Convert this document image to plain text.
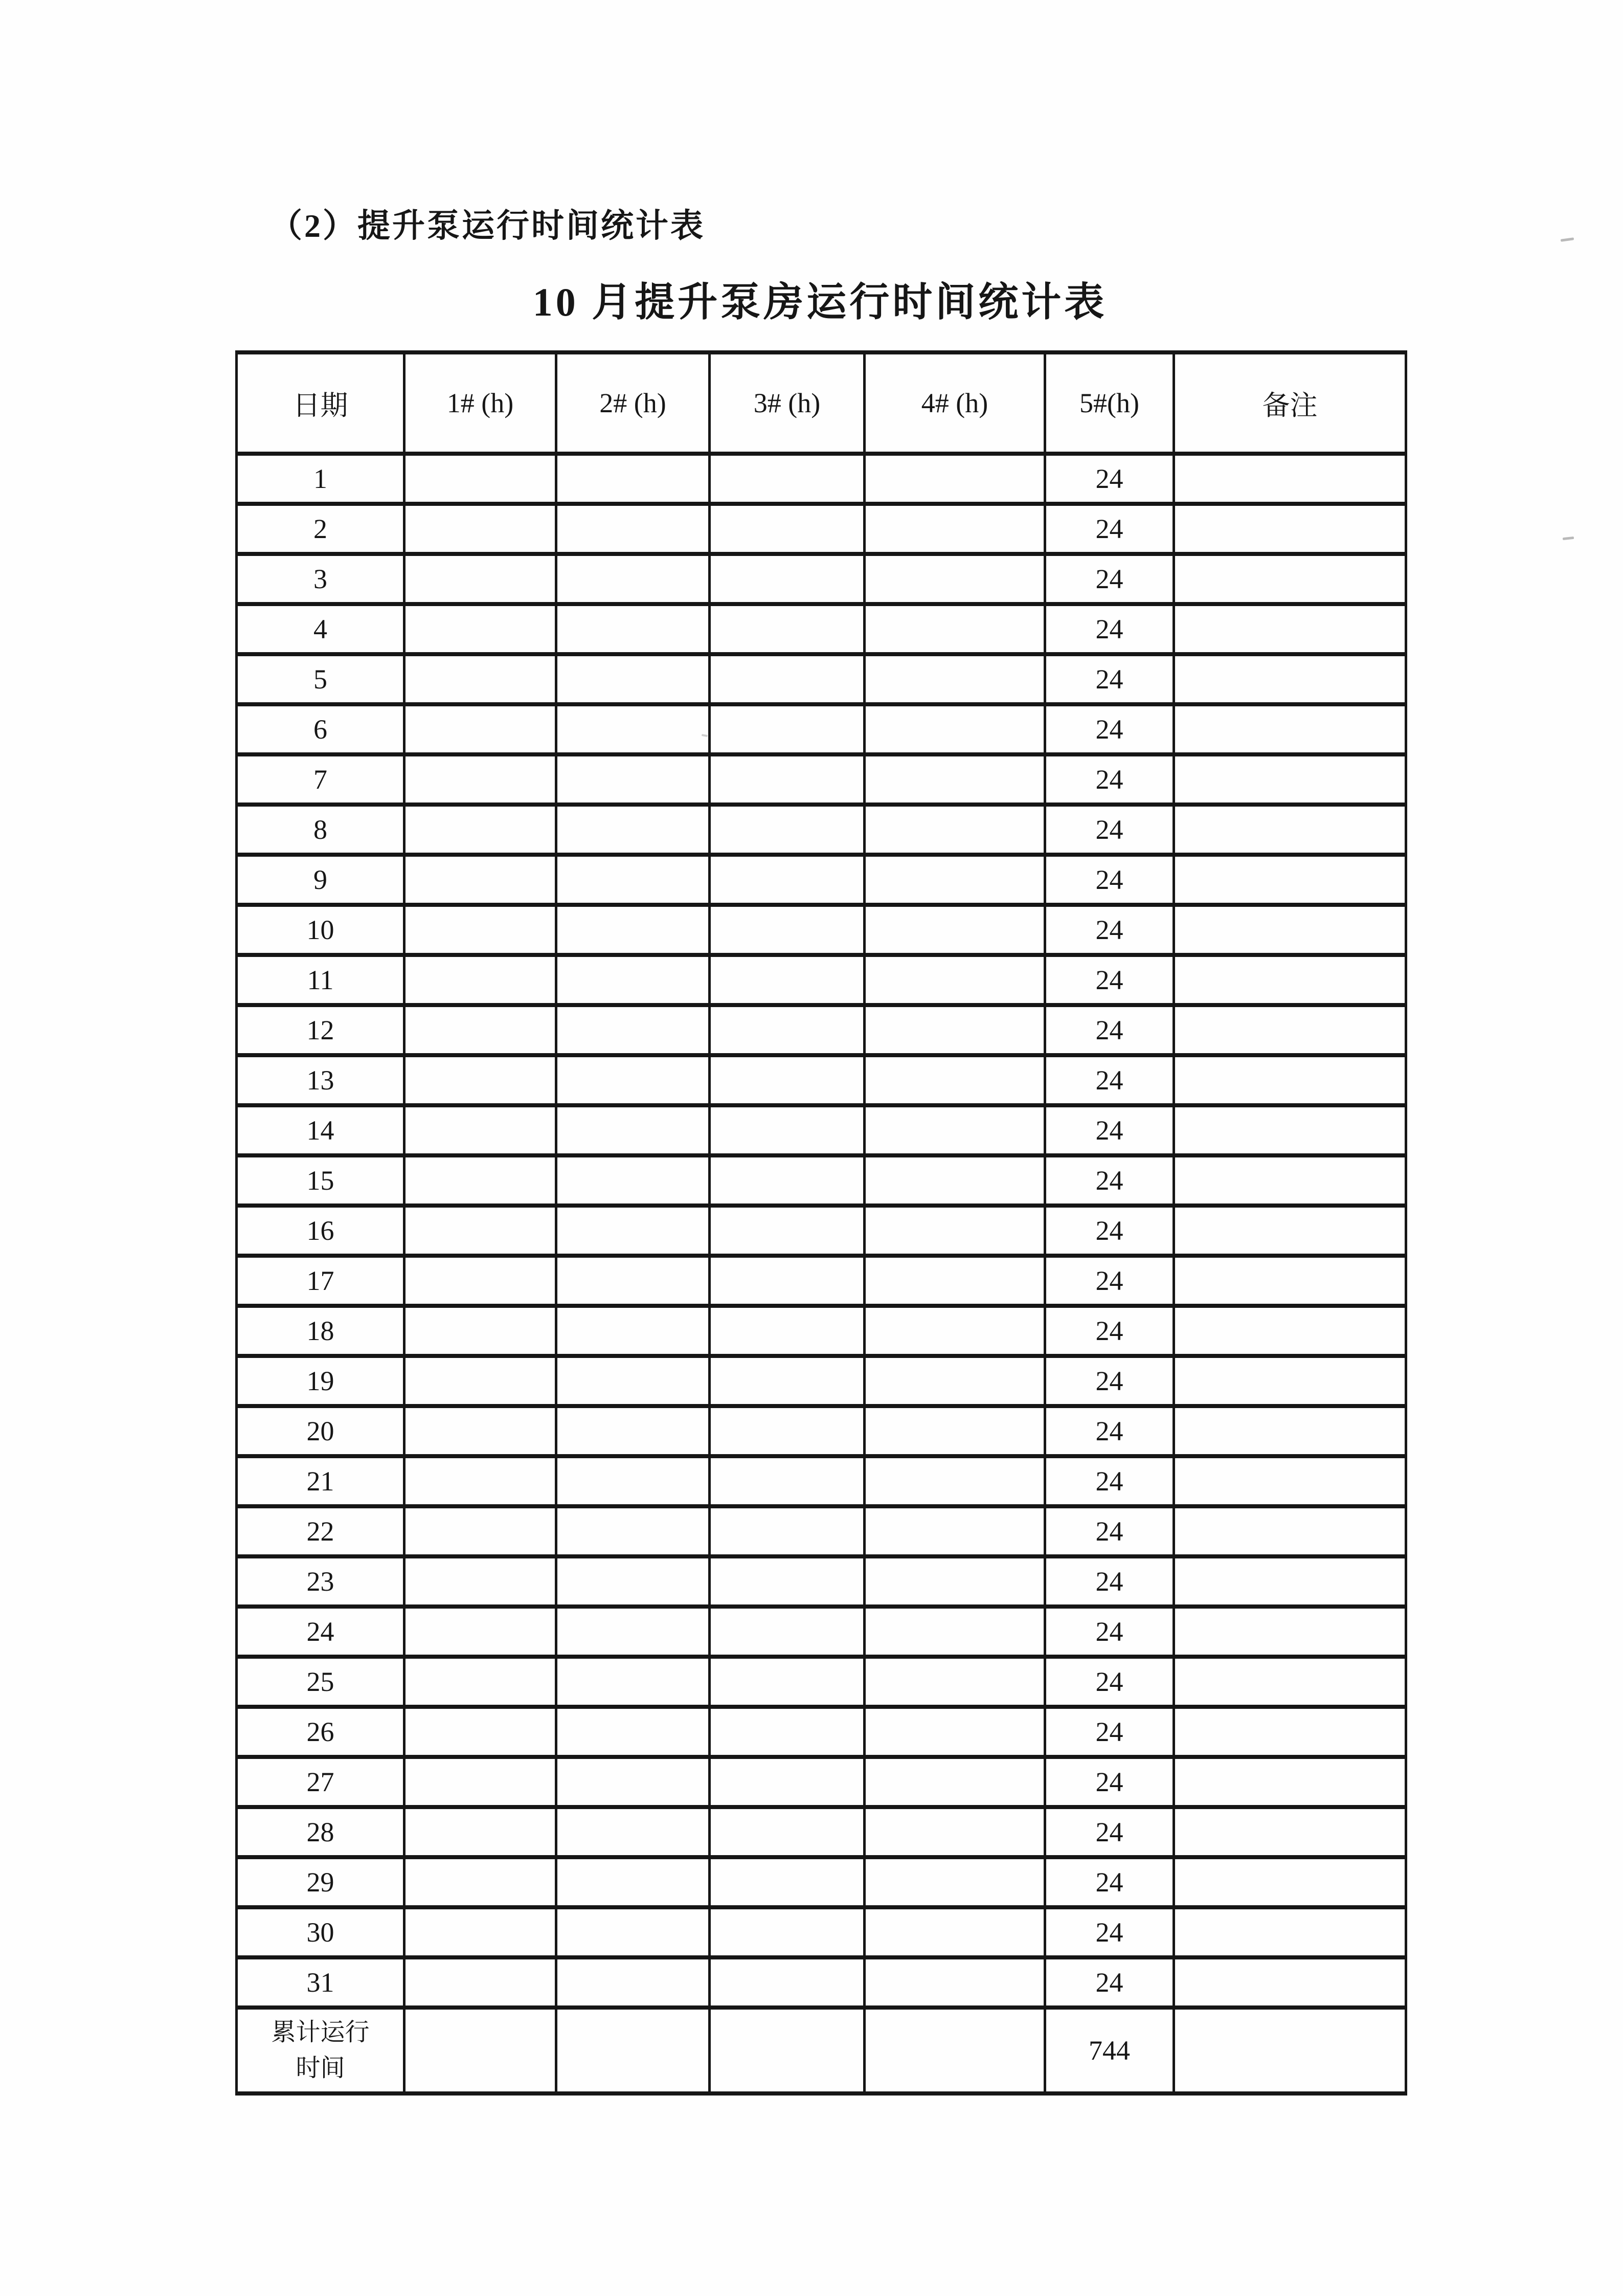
（2）提升泵运行时间统计表
10 月提升泵房运行时间统计表
日期	1# (h)	2# (h)	3# (h)	4# (h)	5#(h)	备注
1					24	
2					24	
3					24	
4					24	
5					24	
6					24	
7					24	
8					24	
9					24	
10					24	
11					24	
12					24	
13					24	
14					24	
15					24	
16					24	
17					24	
18					24	
19					24	
20					24	
21					24	
22					24	
23					24	
24					24	
25					24	
26					24	
27					24	
28					24	
29					24	
30					24	
31					24	

累计运行
时间					744	
